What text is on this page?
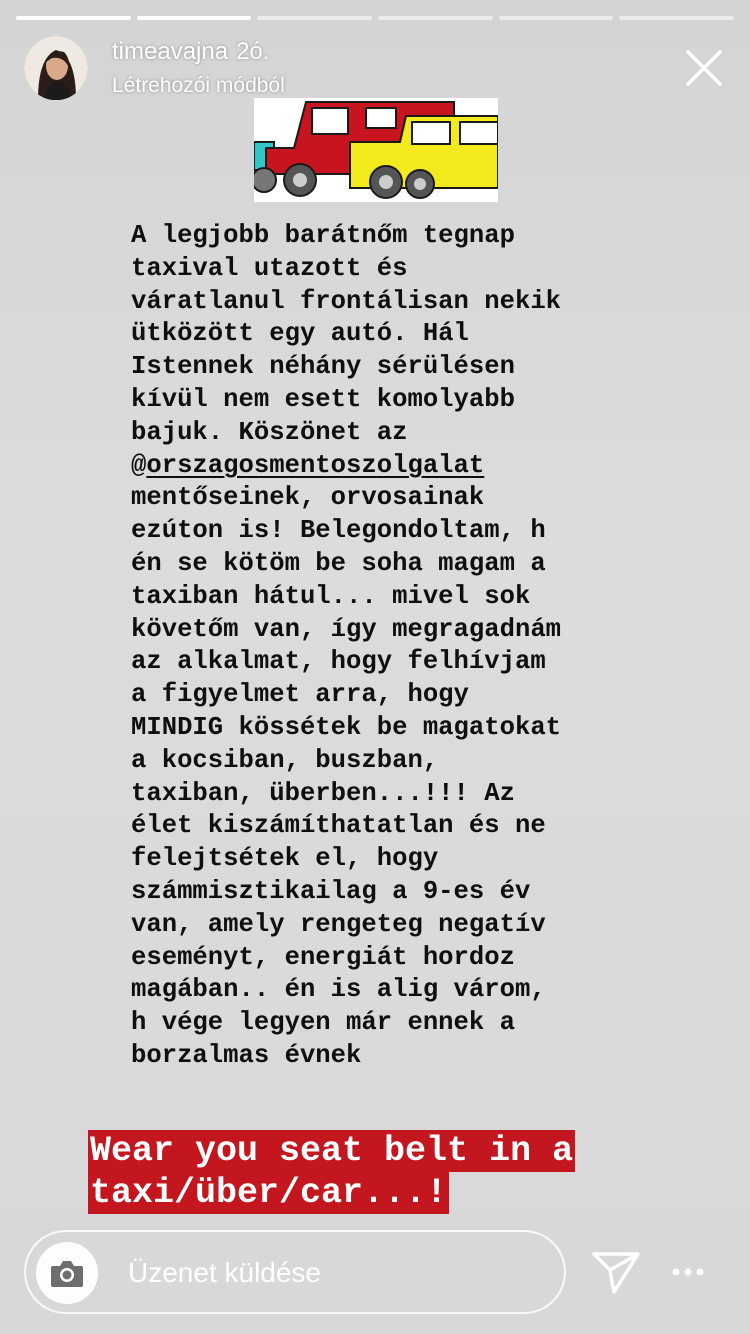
timeavajna 2ó.
Létrehozói módból
A legjobb barátnőm tegnap
taxival utazott és
váratlanul frontálisan nekik
ütközött egy autó. Hál
Istennek néhány sérülésen
kívül nem esett komolyabb
bajuk. Köszönet az
@orszagosmentoszolgalat
mentőseinek, orvosainak
ezúton is! Belegondoltam, h
én se kötöm be soha magam a
taxiban hátul... mivel sok
követőm van, így megragadnám
az alkalmat, hogy felhívjam
a figyelmet arra, hogy
MINDIG kössétek be magatokat
a kocsiban, buszban,
taxiban, überben...!!! Az
élet kiszámíthatatlan és ne
felejtsétek el, hogy
számmisztikailag a 9-es év
van, amely rengeteg negatív
eseményt, energiát hordoz
magában.. én is alig várom,
h vége legyen már ennek a
borzalmas évnek
Wear you seat belt in a
taxi/über/car...!
Üzenet küldése
